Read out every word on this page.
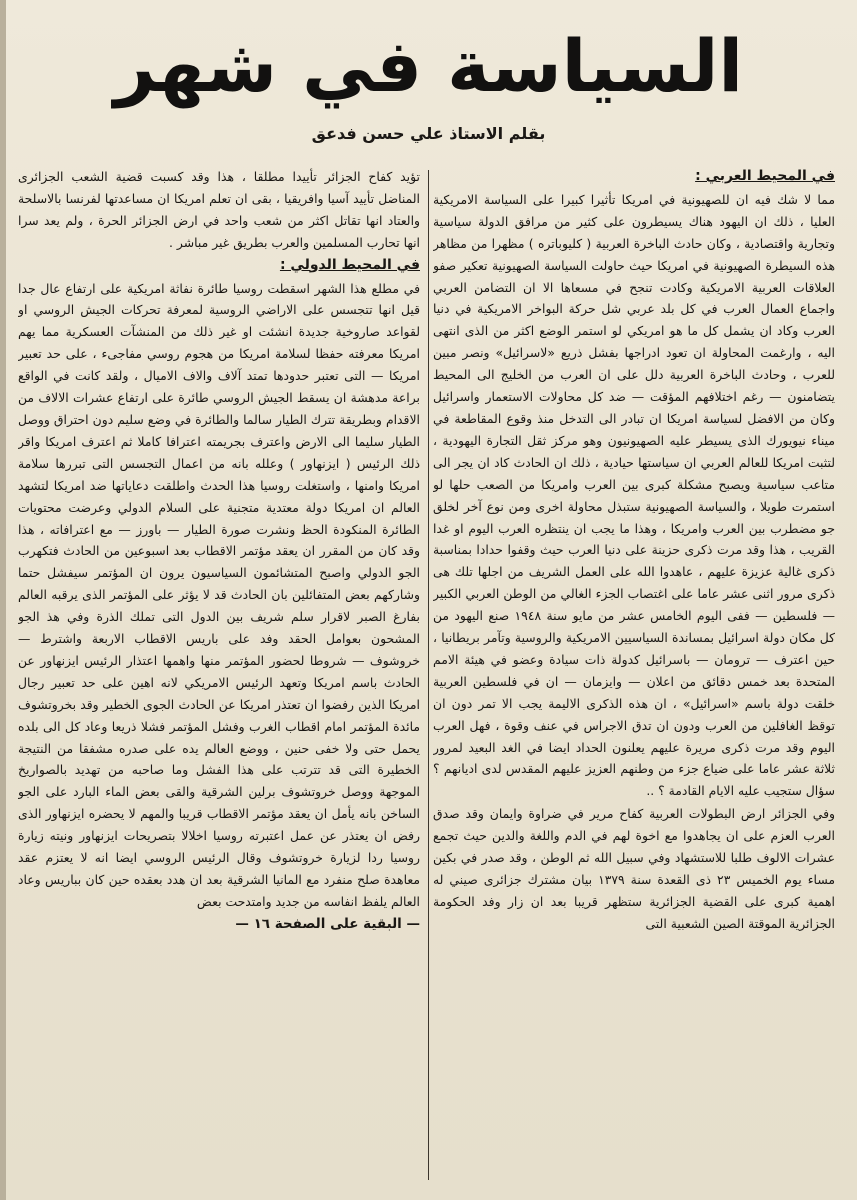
السياسة في شهر
بقلم الاستاذ علي حسن فدعق

في المحيط العربي :

مما لا شك فيه ان للصهيونية في امريكا تأثيرا كبيرا على السياسة الامريكية العليا ، ذلك ان اليهود هناك يسيطرون على كثير من مرافق الدولة سياسية وتجارية واقتصادية ، وكان حادث الباخرة العربية ( كليوباتره ) مظهرا من مظاهر هذه السيطرة الصهيونية في امريكا حيث حاولت السياسة الصهيونية تعكير صفو العلاقات العربية الامريكية وكادت تنجح في مسعاها الا ان التضامن العربي واجماع العمال العرب في كل بلد عربي شل حركة البواخر الامريكية في دنيا العرب وكاد ان يشمل كل ما هو امريكي لو استمر الوضع اكثر من الذى انتهى اليه ، وارغمت المحاولة ان تعود ادراجها بفشل ذريع «لاسرائيل» ونصر مبين للعرب ، وحادث الباخرة العربية دلل على ان العرب من الخليج الى المحيط يتضامنون — رغم اختلافهم المؤقت — ضد كل محاولات الاستعمار واسرائيل وكان من الافضل لسياسة امريكا ان تبادر الى التدخل منذ وقوع المقاطعة في ميناء نيويورك الذى يسيطر عليه الصهيونيون وهو مركز ثقل التجارة اليهودية ، لتثبت امريكا للعالم العربي ان سياستها حيادية ، ذلك ان الحادث كاد ان يجر الى متاعب سياسية ويصبح مشكلة كبرى بين العرب وامريكا من الصعب حلها لو استمرت طويلا ، والسياسة الصهيونية ستبذل محاولة اخرى ومن نوع آخر لخلق جو مضطرب بين العرب وامريكا ، وهذا ما يجب ان ينتظره العرب اليوم او غدا القريب ، هذا وقد مرت ذكرى حزينة على دنيا العرب حيث وقفوا حدادا بمناسبة ذكرى غالية عزيزة عليهم ، عاهدوا الله على العمل الشريف من اجلها تلك هى ذكرى مرور اثنى عشر عاما على اغتصاب الجزء الغالي من الوطن العربي الكبير — فلسطين — ففى اليوم الخامس عشر من مايو سنة ١٩٤٨ صنع اليهود من كل مكان دولة اسرائيل بمساندة السياسيين الامريكية والروسية وتآمر بريطانيا ، حين اعترف — ترومان — باسرائيل كدولة ذات سيادة وعضو في هيئة الامم المتحدة بعد خمس دقائق من اعلان — وايزمان — ان في فلسطين العربية خلقت دولة باسم «اسرائيل» ، ان هذه الذكرى الاليمة يجب الا تمر دون ان توقظ الغافلين من العرب ودون ان تدق الاجراس في عنف وقوة ، فهل العرب اليوم وقد مرت ذكرى مريرة عليهم يعلنون الحداد ايضا في الغد البعيد لمرور ثلاثة عشر عاما على ضياع جزء من وطنهم العزيز عليهم المقدس لدى اديانهم ؟ سؤال ستجيب عليه الايام القادمة ؟ ..

وفي الجزائر ارض البطولات العربية كفاح مرير في ضراوة وايمان وقد صدق العرب العزم على ان يجاهدوا مع اخوة لهم في الدم واللغة والدين حيث تجمع عشرات الالوف طلبا للاستشهاد وفي سبيل الله ثم الوطن ، وقد صدر في بكين مساء يوم الخميس ٢٣ ذى القعدة سنة ١٣٧٩ بيان مشترك جزائرى صيني له اهمية كبرى على القضية الجزائرية ستظهر قريبا بعد ان زار وفد الحكومة الجزائرية الموقتة الصين الشعبية التى

تؤيد كفاح الجزائر تأييدا مطلقا ، هذا وقد كسبت قضية الشعب الجزائرى المناضل تأييد آسيا وافريقيا ، بقى ان تعلم امريكا ان مساعدتها لفرنسا بالاسلحة والعتاد انها تقاتل اكثر من شعب واحد في ارض الجزائر الحرة ، ولم يعد سرا انها تحارب المسلمين والعرب بطريق غير مباشر .

في المحيط الدولي :

في مطلع هذا الشهر اسقطت روسيا طائرة نفاثة امريكية على ارتفاع عال جدا قيل انها تتجسس على الاراضي الروسية لمعرفة تحركات الجيش الروسي او لقواعد صاروخية جديدة انشئت او غير ذلك من المنشآت العسكرية مما يهم امريكا معرفته حفظا لسلامة امريكا من هجوم روسي مفاجىء ، على حد تعبير امريكا — التى تعتبر حدودها تمتد آلاف والاف الاميال ، ولقد كانت في الواقع براعة مدهشة ان يسقط الجيش الروسي طائرة على ارتفاع عشرات الالاف من الاقدام وبطريقة تترك الطيار سالما والطائرة في وضع سليم دون احتراق ووصل الطيار سليما الى الارض واعترف بجريمته اعترافا كاملا ثم اعترف امريكا واقر ذلك الرئيس ( ايزنهاور ) وعلله بانه من اعمال التجسس التى تبررها سلامة امريكا وامنها ، واستغلت روسيا هذا الحدث واطلقت دعاياتها ضد امريكا لتشهد العالم ان امريكا دولة معتدية متجنية على السلام الدولي وعرضت محتويات الطائرة المنكودة الحظ ونشرت صورة الطيار — باورز — مع اعترافاته ، هذا وقد كان من المقرر ان يعقد مؤتمر الاقطاب بعد اسبوعين من الحادث فتكهرب الجو الدولي واصبح المتشائمون السياسيون يرون ان المؤتمر سيفشل حتما وشاركهم بعض المتفائلين بان الحادث قد لا يؤثر على المؤتمر الذى يرقبه العالم بفارغ الصبر لاقرار سلم شريف بين الدول التى تملك الذرة وفي هذ الجو المشحون بعوامل الحقد وفد على باريس الاقطاب الاربعة واشترط — خروشوف — شروطا لحضور المؤتمر منها واهمها اعتذار الرئيس ايزنهاور عن الحادث باسم امريكا وتعهد الرئيس الامريكي لانه اهين على حد تعبير رجال امريكا الذين رفضوا ان تعتذر امريكا عن الحادث الجوى الخطير وقد بخروتشوف مائدة المؤتمر امام اقطاب الغرب وفشل المؤتمر فشلا ذريعا وعاد كل الى بلده يحمل حتى ولا خفى حنين ، ووضع العالم يده على صدره مشفقا من النتيجة الخطيرة التى قد تترتب على هذا الفشل وما صاحبه من تهديد بالصواريخ الموجهة ووصل خروتشوف برلين الشرقية والقى بعض الماء البارد على الجو الساخن بانه يأمل ان يعقد مؤتمر الاقطاب قريبا والمهم لا يحضره ايزنهاور الذى رفض ان يعتذر عن عمل اعتبرته روسيا اخلالا بتصريحات ايزنهاور ونيته زيارة روسيا ردا لزيارة خروتشوف وقال الرئيس الروسي ايضا انه لا يعتزم عقد معاهدة صلح منفرد مع المانيا الشرقية بعد ان هدد بعقده حين كان بباريس وعاد العالم يلفظ انفاسه من جديد وامتدحت بعض

— البقية على الصفحة ١٦ —
